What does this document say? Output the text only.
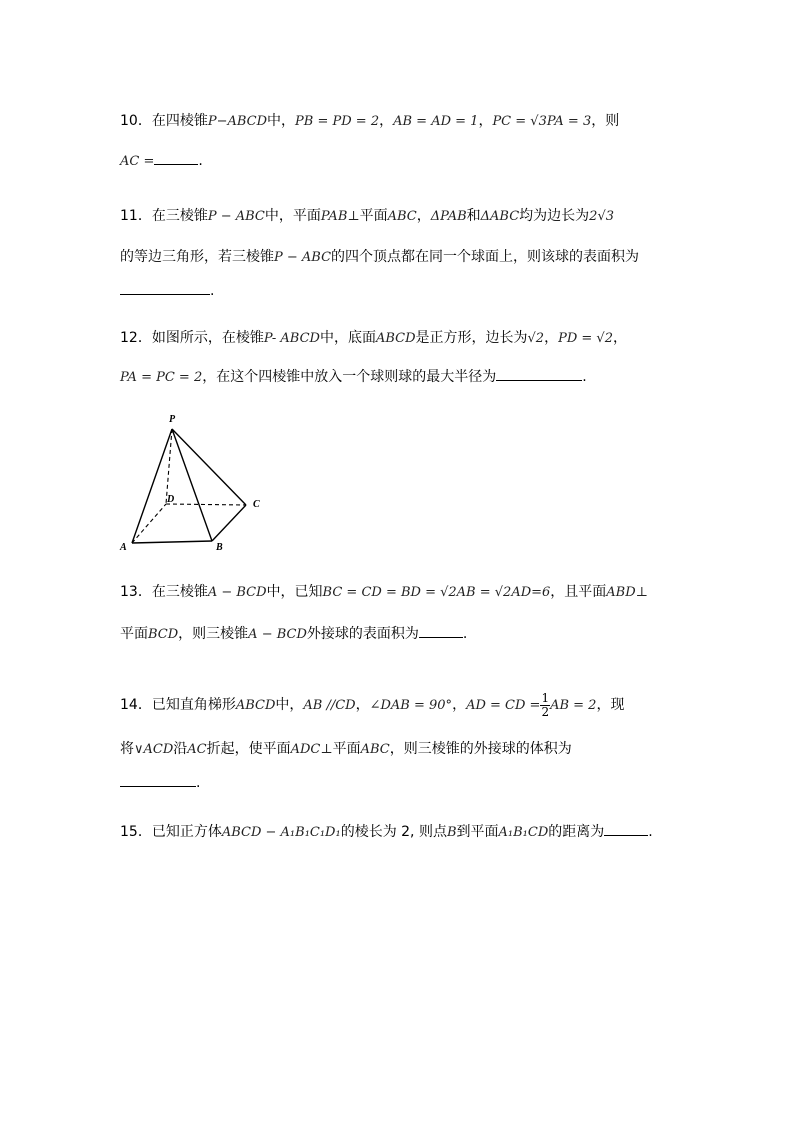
10．在四棱锥P−ABCD中，PB = PD = 2，AB = AD = 1，PC = √3PA = 3，则
AC =	.
11．在三棱锥P − ABC中，平面PAB⊥平面ABC，ΔPAB和ΔABC均为边长为2√3
的等边三角形，若三棱锥P − ABC的四个顶点都在同一个球面上，则该球的表面积为
.
12．如图所示，在棱锥P- ABCD中，底面ABCD是正方形，边长为√2，PD = √2，
PA = PC = 2，在这个四棱锥中放入一个球则球的最大半径为	.
P
A	B
C
D
13．在三棱锥A − BCD中，已知BC = CD = BD = √2AB = √2AD=6，且平面ABD⊥
平面BCD，则三棱锥A − BCD外接球的表面积为	.
14．已知直角梯形ABCD中，AB //CD，∠DAB = 90°，AD = CD = $\frac{1}{2}$ AB = 2，现
将∨ACD沿AC折起，使平面ADC⊥平面ABC，则三棱锥的外接球的体积为
.
15．已知正方体ABCD − A₁B₁C₁D₁的棱长为 2, 则点B到平面A₁B₁CD的距离为	.
